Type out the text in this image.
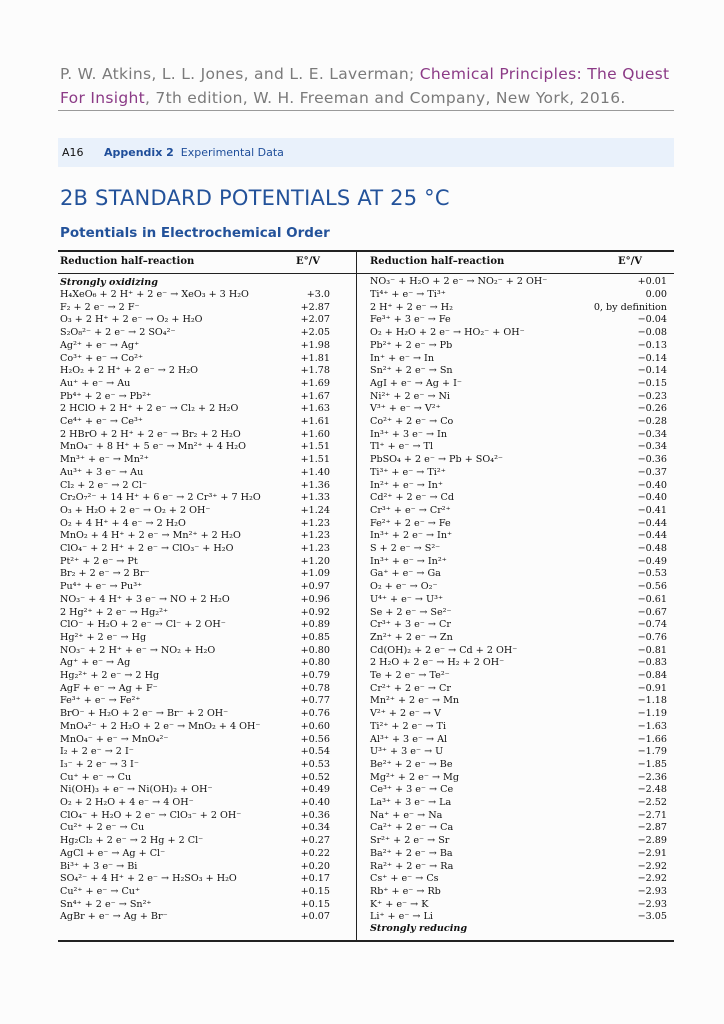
P. W. Atkins, L. L. Jones, and L. E. Laverman; Chemical Principles: The Quest For Insight, 7th edition, W. H. Freeman and Company, New York, 2016.
A16 Appendix 2 Experimental Data
2B STANDARD POTENTIALS AT 25 °C
Potentials in Electrochemical Order
Reduction half–reaction	E°/V	Reduction half–reaction	E°/V
Strongly oxidizing
H₄XeO₆ + 2 H⁺ + 2 e⁻ → XeO₃ + 3 H₂O	+3.0
F₂ + 2 e⁻ → 2 F⁻	+2.87
O₃ + 2 H⁺ + 2 e⁻ → O₂ + H₂O	+2.07
S₂O₈²⁻ + 2 e⁻ → 2 SO₄²⁻	+2.05
Ag²⁺ + e⁻ → Ag⁺	+1.98
Co³⁺ + e⁻ → Co²⁺	+1.81
H₂O₂ + 2 H⁺ + 2 e⁻ → 2 H₂O	+1.78
Au⁺ + e⁻ → Au	+1.69
Pb⁴⁺ + 2 e⁻ → Pb²⁺	+1.67
2 HClO + 2 H⁺ + 2 e⁻ → Cl₂ + 2 H₂O	+1.63
Ce⁴⁺ + e⁻ → Ce³⁺	+1.61
2 HBrO + 2 H⁺ + 2 e⁻ → Br₂ + 2 H₂O	+1.60
MnO₄⁻ + 8 H⁺ + 5 e⁻ → Mn²⁺ + 4 H₂O	+1.51
Mn³⁺ + e⁻ → Mn²⁺	+1.51
Au³⁺ + 3 e⁻ → Au	+1.40
Cl₂ + 2 e⁻ → 2 Cl⁻	+1.36
Cr₂O₇²⁻ + 14 H⁺ + 6 e⁻ → 2 Cr³⁺ + 7 H₂O	+1.33
O₃ + H₂O + 2 e⁻ → O₂ + 2 OH⁻	+1.24
O₂ + 4 H⁺ + 4 e⁻ → 2 H₂O	+1.23
MnO₂ + 4 H⁺ + 2 e⁻ → Mn²⁺ + 2 H₂O	+1.23
ClO₄⁻ + 2 H⁺ + 2 e⁻ → ClO₃⁻ + H₂O	+1.23
Pt²⁺ + 2 e⁻ → Pt	+1.20
Br₂ + 2 e⁻ → 2 Br⁻	+1.09
Pu⁴⁺ + e⁻ → Pu³⁺	+0.97
NO₃⁻ + 4 H⁺ + 3 e⁻ → NO + 2 H₂O	+0.96
2 Hg²⁺ + 2 e⁻ → Hg₂²⁺	+0.92
ClO⁻ + H₂O + 2 e⁻ → Cl⁻ + 2 OH⁻	+0.89
Hg²⁺ + 2 e⁻ → Hg	+0.85
NO₃⁻ + 2 H⁺ + e⁻ → NO₂ + H₂O	+0.80
Ag⁺ + e⁻ → Ag	+0.80
Hg₂²⁺ + 2 e⁻ → 2 Hg	+0.79
AgF + e⁻ → Ag + F⁻	+0.78
Fe³⁺ + e⁻ → Fe²⁺	+0.77
BrO⁻ + H₂O + 2 e⁻ → Br⁻ + 2 OH⁻	+0.76
MnO₄²⁻ + 2 H₂O + 2 e⁻ → MnO₂ + 4 OH⁻	+0.60
MnO₄⁻ + e⁻ → MnO₄²⁻	+0.56
I₂ + 2 e⁻ → 2 I⁻	+0.54
I₃⁻ + 2 e⁻ → 3 I⁻	+0.53
Cu⁺ + e⁻ → Cu	+0.52
Ni(OH)₃ + e⁻ → Ni(OH)₂ + OH⁻	+0.49
O₂ + 2 H₂O + 4 e⁻ → 4 OH⁻	+0.40
ClO₄⁻ + H₂O + 2 e⁻ → ClO₃⁻ + 2 OH⁻	+0.36
Cu²⁺ + 2 e⁻ → Cu	+0.34
Hg₂Cl₂ + 2 e⁻ → 2 Hg + 2 Cl⁻	+0.27
AgCl + e⁻ → Ag + Cl⁻	+0.22
Bi³⁺ + 3 e⁻ → Bi	+0.20
SO₄²⁻ + 4 H⁺ + 2 e⁻ → H₂SO₃ + H₂O	+0.17
Cu²⁺ + e⁻ → Cu⁺	+0.15
Sn⁴⁺ + 2 e⁻ → Sn²⁺	+0.15
AgBr + e⁻ → Ag + Br⁻	+0.07
NO₃⁻ + H₂O + 2 e⁻ → NO₂⁻ + 2 OH⁻	+0.01
Ti⁴⁺ + e⁻ → Ti³⁺	0.00
2 H⁺ + 2 e⁻ → H₂	0, by definition
Fe³⁺ + 3 e⁻ → Fe	−0.04
O₂ + H₂O + 2 e⁻ → HO₂⁻ + OH⁻	−0.08
Pb²⁺ + 2 e⁻ → Pb	−0.13
In⁺ + e⁻ → In	−0.14
Sn²⁺ + 2 e⁻ → Sn	−0.14
AgI + e⁻ → Ag + I⁻	−0.15
Ni²⁺ + 2 e⁻ → Ni	−0.23
V³⁺ + e⁻ → V²⁺	−0.26
Co²⁺ + 2 e⁻ → Co	−0.28
In³⁺ + 3 e⁻ → In	−0.34
Tl⁺ + e⁻ → Tl	−0.34
PbSO₄ + 2 e⁻ → Pb + SO₄²⁻	−0.36
Ti³⁺ + e⁻ → Ti²⁺	−0.37
In²⁺ + e⁻ → In⁺	−0.40
Cd²⁺ + 2 e⁻ → Cd	−0.40
Cr³⁺ + e⁻ → Cr²⁺	−0.41
Fe²⁺ + 2 e⁻ → Fe	−0.44
In³⁺ + 2 e⁻ → In⁺	−0.44
S + 2 e⁻ → S²⁻	−0.48
In³⁺ + e⁻ → In²⁺	−0.49
Ga⁺ + e⁻ → Ga	−0.53
O₂ + e⁻ → O₂⁻	−0.56
U⁴⁺ + e⁻ → U³⁺	−0.61
Se + 2 e⁻ → Se²⁻	−0.67
Cr³⁺ + 3 e⁻ → Cr	−0.74
Zn²⁺ + 2 e⁻ → Zn	−0.76
Cd(OH)₂ + 2 e⁻ → Cd + 2 OH⁻	−0.81
2 H₂O + 2 e⁻ → H₂ + 2 OH⁻	−0.83
Te + 2 e⁻ → Te²⁻	−0.84
Cr²⁺ + 2 e⁻ → Cr	−0.91
Mn²⁺ + 2 e⁻ → Mn	−1.18
V²⁺ + 2 e⁻ → V	−1.19
Ti²⁺ + 2 e⁻ → Ti	−1.63
Al³⁺ + 3 e⁻ → Al	−1.66
U³⁺ + 3 e⁻ → U	−1.79
Be²⁺ + 2 e⁻ → Be	−1.85
Mg²⁺ + 2 e⁻ → Mg	−2.36
Ce³⁺ + 3 e⁻ → Ce	−2.48
La³⁺ + 3 e⁻ → La	−2.52
Na⁺ + e⁻ → Na	−2.71
Ca²⁺ + 2 e⁻ → Ca	−2.87
Sr²⁺ + 2 e⁻ → Sr	−2.89
Ba²⁺ + 2 e⁻ → Ba	−2.91
Ra²⁺ + 2 e⁻ → Ra	−2.92
Cs⁺ + e⁻ → Cs	−2.92
Rb⁺ + e⁻ → Rb	−2.93
K⁺ + e⁻ → K	−2.93
Li⁺ + e⁻ → Li	−3.05
Strongly reducing
